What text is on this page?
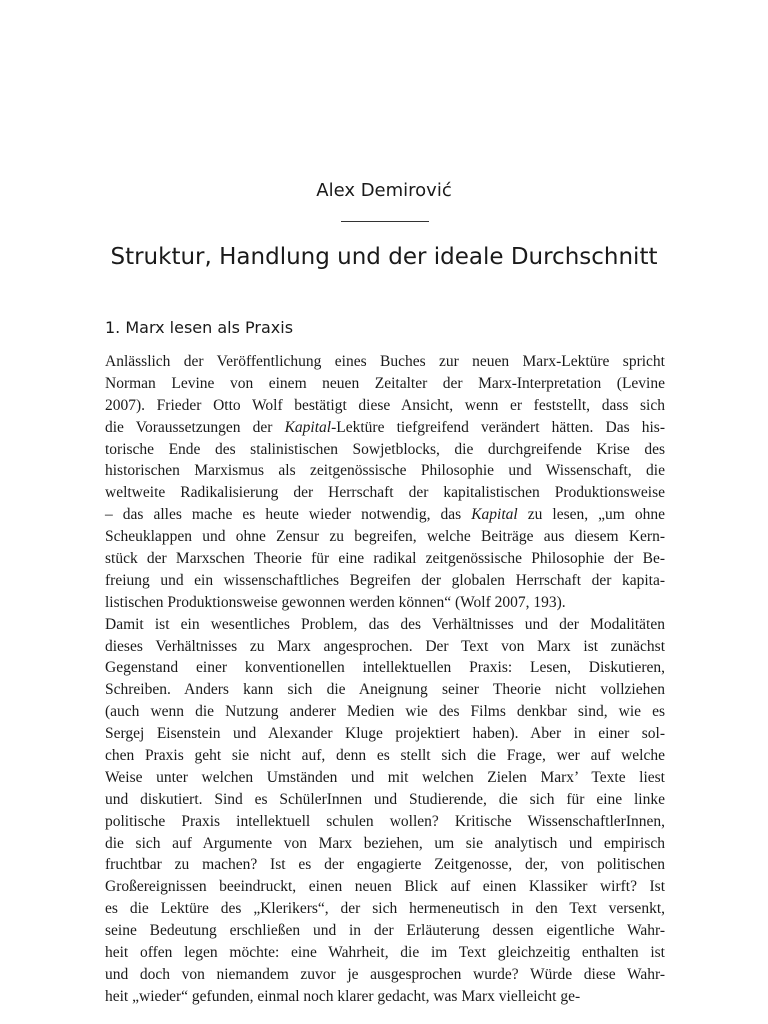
Alex Demirović
Struktur, Handlung und der ideale Durchschnitt
1. Marx lesen als Praxis
Anlässlich der Veröffentlichung eines Buches zur neuen Marx-Lektüre spricht
Norman Levine von einem neuen Zeitalter der Marx-Interpretation (Levine
2007). Frieder Otto Wolf bestätigt diese Ansicht, wenn er feststellt, dass sich
die Voraussetzungen der Kapital-Lektüre tiefgreifend verändert hätten. Das his-
torische Ende des stalinistischen Sowjetblocks, die durchgreifende Krise des
historischen Marxismus als zeitgenössische Philosophie und Wissenschaft, die
weltweite Radikalisierung der Herrschaft der kapitalistischen Produktionsweise
– das alles mache es heute wieder notwendig, das Kapital zu lesen, „um ohne
Scheuklappen und ohne Zensur zu begreifen, welche Beiträge aus diesem Kern-
stück der Marxschen Theorie für eine radikal zeitgenössische Philosophie der Be-
freiung und ein wissenschaftliches Begreifen der globalen Herrschaft der kapita-
listischen Produktionsweise gewonnen werden können“ (Wolf 2007, 193).
Damit ist ein wesentliches Problem, das des Verhältnisses und der Modalitäten
dieses Verhältnisses zu Marx angesprochen. Der Text von Marx ist zunächst
Gegenstand einer konventionellen intellektuellen Praxis: Lesen, Diskutieren,
Schreiben. Anders kann sich die Aneignung seiner Theorie nicht vollziehen
(auch wenn die Nutzung anderer Medien wie des Films denkbar sind, wie es
Sergej Eisenstein und Alexander Kluge projektiert haben). Aber in einer sol-
chen Praxis geht sie nicht auf, denn es stellt sich die Frage, wer auf welche
Weise unter welchen Umständen und mit welchen Zielen Marx’ Texte liest
und diskutiert. Sind es SchülerInnen und Studierende, die sich für eine linke
politische Praxis intellektuell schulen wollen? Kritische WissenschaftlerInnen,
die sich auf Argumente von Marx beziehen, um sie analytisch und empirisch
fruchtbar zu machen? Ist es der engagierte Zeitgenosse, der, von politischen
Großereignissen beeindruckt, einen neuen Blick auf einen Klassiker wirft? Ist
es die Lektüre des „Klerikers“, der sich hermeneutisch in den Text versenkt,
seine Bedeutung erschließen und in der Erläuterung dessen eigentliche Wahr-
heit offen legen möchte: eine Wahrheit, die im Text gleichzeitig enthalten ist
und doch von niemandem zuvor je ausgesprochen wurde? Würde diese Wahr-
heit „wieder“ gefunden, einmal noch klarer gedacht, was Marx vielleicht ge-
